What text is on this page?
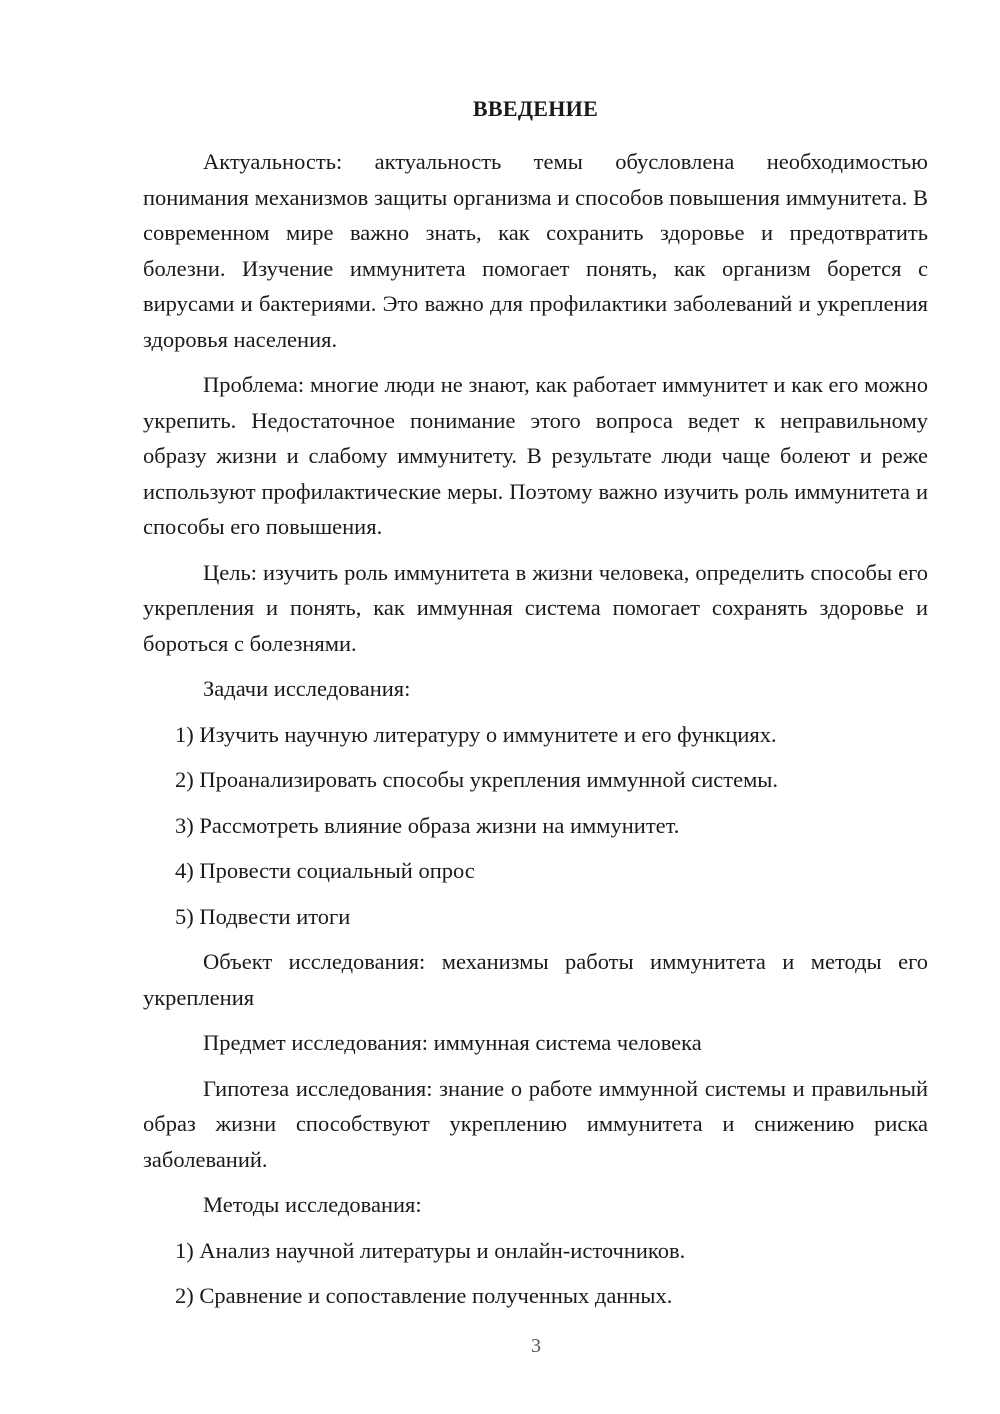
ВВЕДЕНИЕ

Актуальность: актуальность темы обусловлена необходимостью понимания механизмов защиты организма и способов повышения иммунитета. В современном мире важно знать, как сохранить здоровье и предотвратить болезни. Изучение иммунитета помогает понять, как организм борется с вирусами и бактериями. Это важно для профилактики заболеваний и укрепления здоровья населения.

Проблема: многие люди не знают, как работает иммунитет и как его можно укрепить. Недостаточное понимание этого вопроса ведет к неправильному образу жизни и слабому иммунитету. В результате люди чаще болеют и реже используют профилактические меры. Поэтому важно изучить роль иммунитета и способы его повышения.

Цель: изучить роль иммунитета в жизни человека, определить способы его укрепления и понять, как иммунная система помогает сохранять здоровье и бороться с болезнями.

Задачи исследования:

1) Изучить научную литературу о иммунитете и его функциях.
2) Проанализировать способы укрепления иммунной системы.
3) Рассмотреть влияние образа жизни на иммунитет.
4) Провести социальный опрос
5) Подвести итоги

Объект исследования: механизмы работы иммунитета и методы его укрепления

Предмет исследования: иммунная система человека

Гипотеза исследования: знание о работе иммунной системы и правильный образ жизни способствуют укреплению иммунитета и снижению риска заболеваний.

Методы исследования:

1) Анализ научной литературы и онлайн-источников.
2) Сравнение и сопоставление полученных данных.
3
